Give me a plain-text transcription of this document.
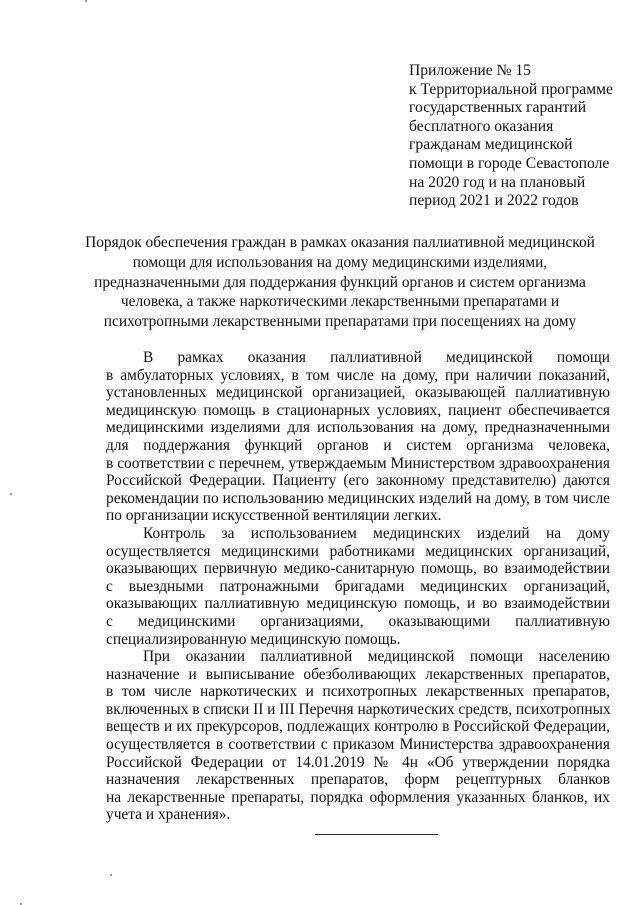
Приложение № 15
к Территориальной программе
государственных гарантий
бесплатного оказания
гражданам медицинской
помощи в городе Севастополе
на 2020 год и на плановый
период 2021 и 2022 годов
Порядок обеспечения граждан в рамках оказания паллиативной медицинской
помощи для использования на дому медицинскими изделиями,
предназначенными для поддержания функций органов и систем организма
человека, а также наркотическими лекарственными препаратами и
психотропными лекарственными препаратами при посещениях на дому
В рамках оказания паллиативной медицинской помощи
в амбулаторных условиях, в том числе на дому, при наличии показаний,
установленных медицинской организацией, оказывающей паллиативную
медицинскую помощь в стационарных условиях, пациент обеспечивается
медицинскими изделиями для использования на дому, предназначенными
для поддержания функций органов и систем организма человека,
в соответствии с перечнем, утверждаемым Министерством здравоохранения
Российской Федерации. Пациенту (его законному представителю) даются
рекомендации по использованию медицинских изделий на дому, в том числе
по организации искусственной вентиляции легких.
Контроль за использованием медицинских изделий на дому
осуществляется медицинскими работниками медицинских организаций,
оказывающих первичную медико-санитарную помощь, во взаимодействии
с выездными патронажными бригадами медицинских организаций,
оказывающих паллиативную медицинскую помощь, и во взаимодействии
с медицинскими организациями, оказывающими паллиативную
специализированную медицинскую помощь.
При оказании паллиативной медицинской помощи населению
назначение и выписывание обезболивающих лекарственных препаратов,
в том числе наркотических и психотропных лекарственных препаратов,
включенных в списки II и III Перечня наркотических средств, психотропных
веществ и их прекурсоров, подлежащих контролю в Российской Федерации,
осуществляется в соответствии с приказом Министерства здравоохранения
Российской Федерации от 14.01.2019 № 4н «Об утверждении порядка
назначения лекарственных препаратов, форм рецептурных бланков
на лекарственные препараты, порядка оформления указанных бланков, их
учета и хранения».
